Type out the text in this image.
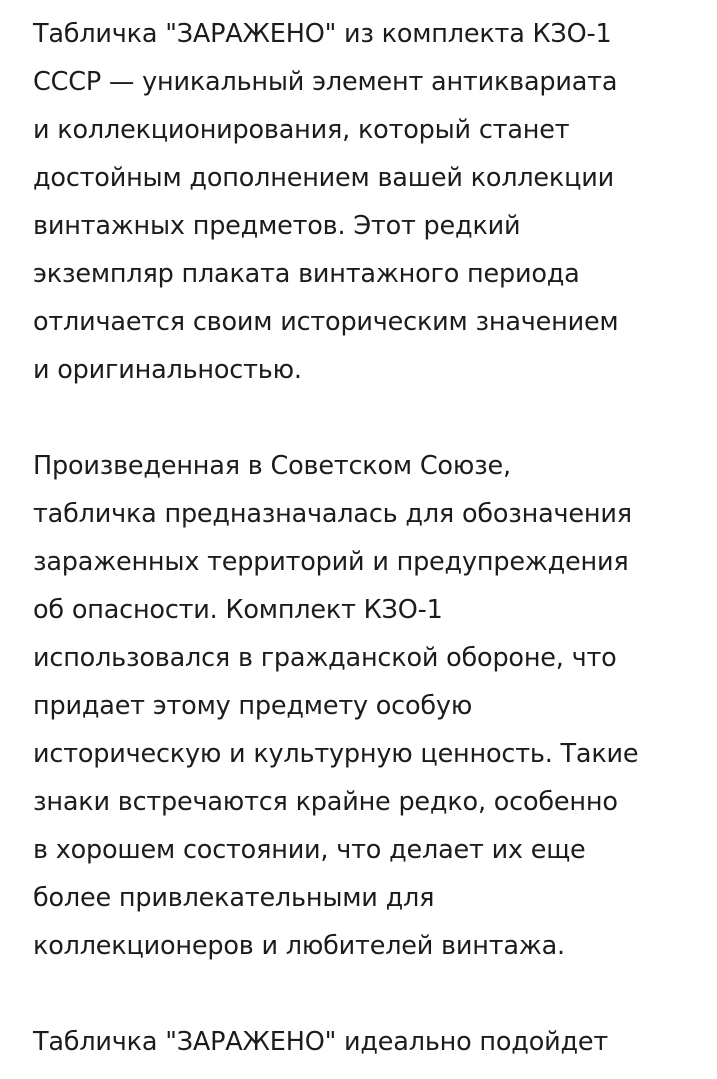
Табличка "ЗАРАЖЕНО" из комплекта КЗО-1
СССР — уникальный элемент антиквариата
и коллекционирования, который станет
достойным дополнением вашей коллекции
винтажных предметов. Этот редкий
экземпляр плаката винтажного периода
отличается своим историческим значением
и оригинальностью.
Произведенная в Советском Союзе,
табличка предназначалась для обозначения
зараженных территорий и предупреждения
об опасности. Комплект КЗО-1
использовался в гражданской обороне, что
придает этому предмету особую
историческую и культурную ценность. Такие
знаки встречаются крайне редко, особенно
в хорошем состоянии, что делает их еще
более привлекательными для
коллекционеров и любителей винтажа.
Табличка "ЗАРАЖЕНО" идеально подойдет
